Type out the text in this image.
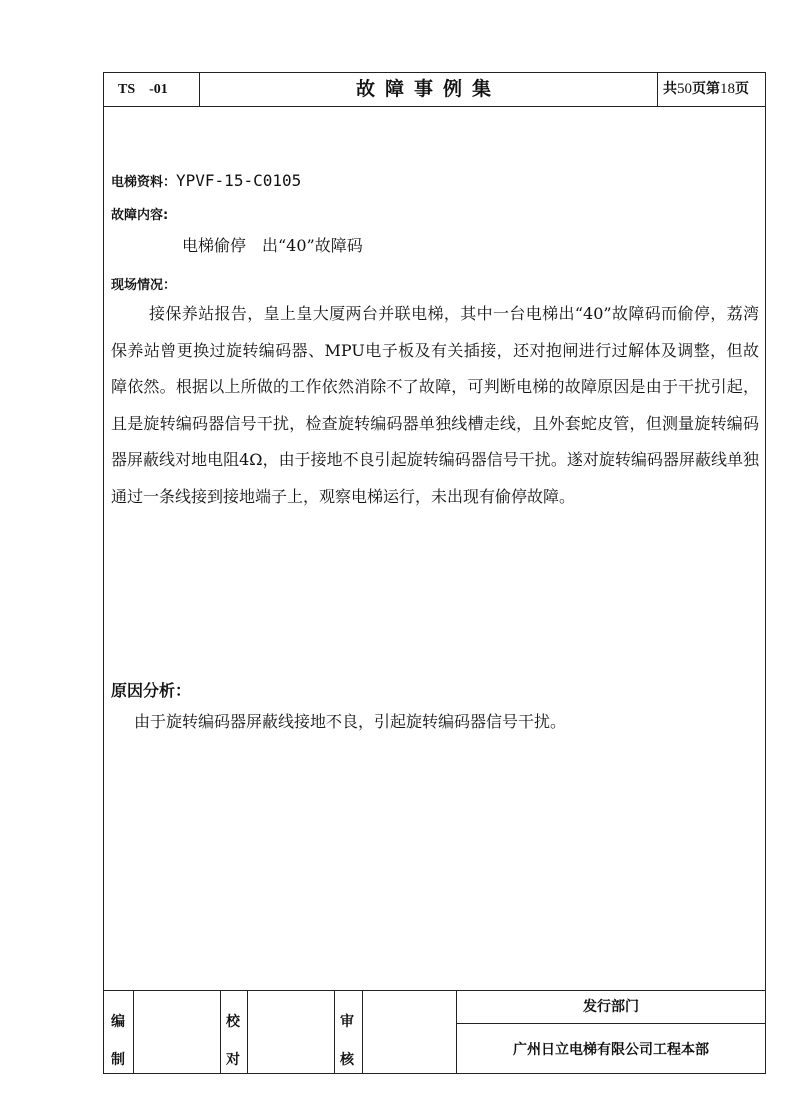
TS　-01	故障事例集	共50页第18页
电梯资料：YPVF-15-C0105
故障内容:
电梯偷停　出“40”故障码
现场情况：
接保养站报告，皇上皇大厦两台并联电梯，其中一台电梯出“40”故障码而偷停，荔湾保养站曾更换过旋转编码器、MPU电子板及有关插接，还对抱闸进行过解体及调整，但故障依然。根据以上所做的工作依然消除不了故障，可判断电梯的故障原因是由于干扰引起，且是旋转编码器信号干扰，检查旋转编码器单独线槽走线，且外套蛇皮管，但测量旋转编码器屏蔽线对地电阻4Ω，由于接地不良引起旋转编码器信号干扰。遂对旋转编码器屏蔽线单独通过一条线接到接地端子上，观察电梯运行，未出现有偷停故障。
原因分析：
由于旋转编码器屏蔽线接地不良，引起旋转编码器信号干扰。
编
制
校
对
审
核
发行部门
广州日立电梯有限公司工程本部
